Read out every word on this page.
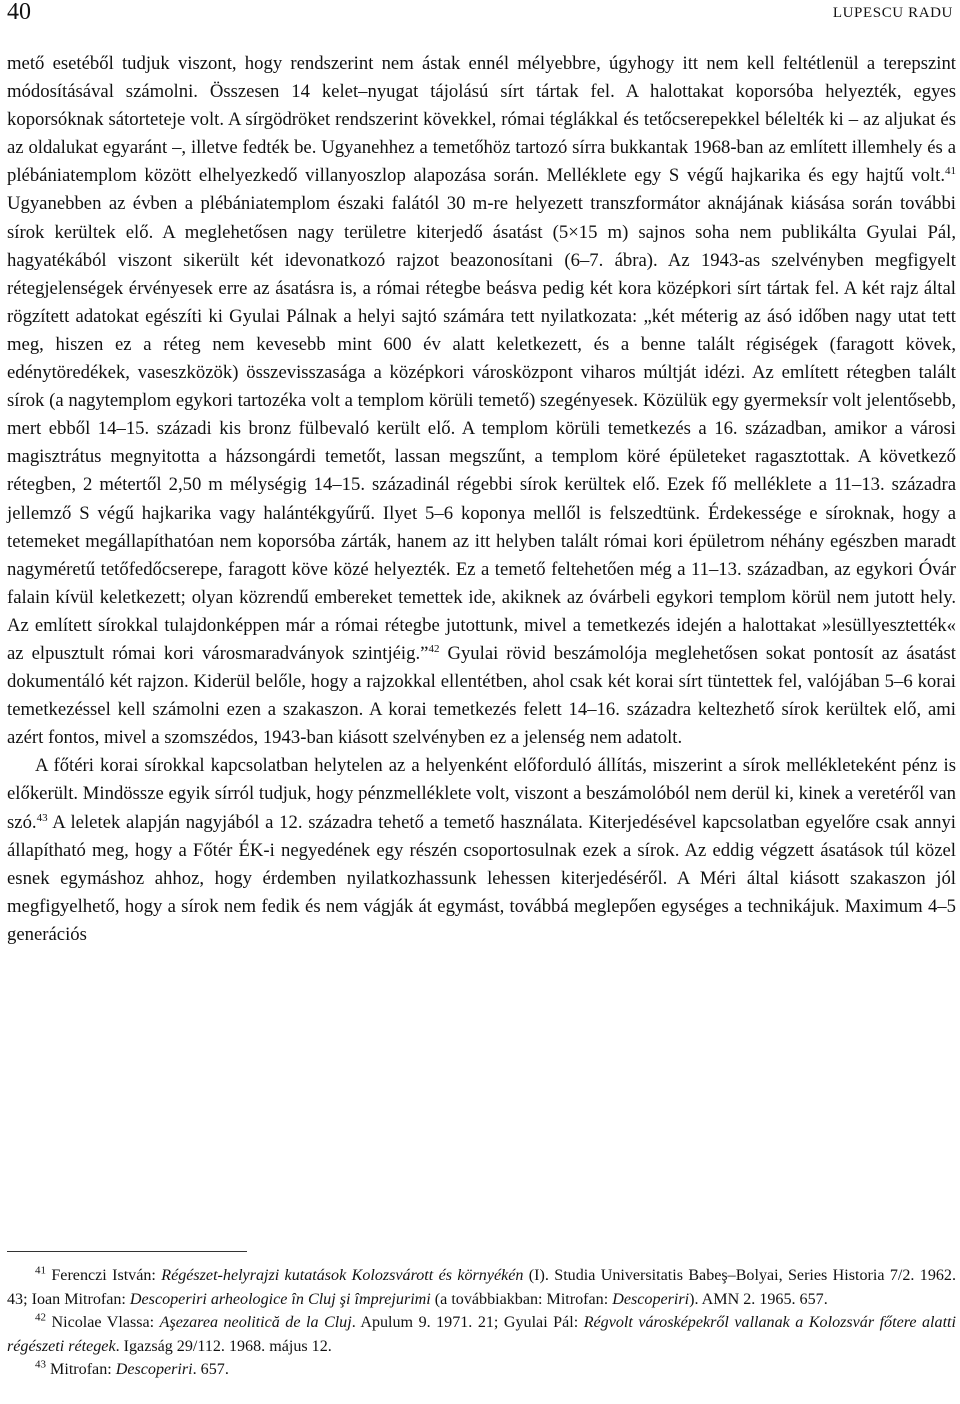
40	LUPESCU RADU

mető esetéből tudjuk viszont, hogy rendszerint nem ástak ennél mélyebbre, úgyhogy itt nem kell feltétlenül a terepszint módosításával számolni. Összesen 14 kelet–nyugat tájolású sírt tártak fel. A halottakat koporsóba helyezték, egyes koporsóknak sátorteteje volt. A sírgödröket rendszerint kövekkel, római téglákkal és tetőcserepekkel bélelték ki – az aljukat és az oldalukat egyaránt –, illetve fedték be. Ugyanehhez a temetőhöz tartozó sírra bukkantak 1968-ban az említett illemhely és a plébániatemplom között elhelyezkedő villanyoszlop alapozása során. Melléklete egy S végű hajkarika és egy hajtű volt.$^{41}$ Ugyanebben az évben a plébániatemplom északi falától 30 m-re helyezett transzformátor aknájának kiásása során további sírok kerültek elő. A meglehetősen nagy területre kiterjedő ásatást (5×15 m) sajnos soha nem publikálta Gyulai Pál, hagyatékából viszont sikerült két idevonatkozó rajzot beazonosítani (6–7. ábra). Az 1943-as szelvényben megfigyelt rétegjelenségek érvényesek erre az ásatásra is, a római rétegbe beásva pedig két kora középkori sírt tártak fel. A két rajz által rögzített adatokat egészíti ki Gyulai Pálnak a helyi sajtó számára tett nyilatkozata: „két méterig az ásó időben nagy utat tett meg, hiszen ez a réteg nem kevesebb mint 600 év alatt keletkezett, és a benne talált régiségek (faragott kövek, edénytöredékek, vaseszközök) összevisszasága a középkori városközpont viharos múltját idézi. Az említett rétegben talált sírok (a nagytemplom egykori tartozéka volt a templom körüli temető) szegényesek. Közülük egy gyermeksír volt jelentősebb, mert ebből 14–15. századi kis bronz fülbevaló került elő. A templom körüli temetkezés a 16. században, amikor a városi magisztrátus megnyitotta a házsongárdi temetőt, lassan megszűnt, a templom köré épületeket ragasztottak. A következő rétegben, 2 métertől 2,50 m mélységig 14–15. századinál régebbi sírok kerültek elő. Ezek fő melléklete a 11–13. századra jellemző S végű hajkarika vagy halántékgyűrű. Ilyet 5–6 koponya mellől is felszedtünk. Érdekessége e síroknak, hogy a tetemeket megállapíthatóan nem koporsóba zárták, hanem az itt helyben talált római kori épületrom néhány egészben maradt nagyméretű tetőfedőcserepe, faragott köve közé helyezték. Ez a temető feltehetően még a 11–13. században, az egykori Óvár falain kívül keletkezett; olyan közrendű embereket temettek ide, akiknek az óvárbeli egykori templom körül nem jutott hely. Az említett sírokkal tulajdonképpen már a római rétegbe jutottunk, mivel a temetkezés idején a halottakat »lesüllyesztették« az elpusztult római kori városmaradványok szintjéig.”$^{42}$ Gyulai rövid beszámolója meglehetősen sokat pontosít az ásatást dokumentáló két rajzon. Kiderül belőle, hogy a rajzokkal ellentétben, ahol csak két korai sírt tüntettek fel, valójában 5–6 korai temetkezéssel kell számolni ezen a szakaszon. A korai temetkezés felett 14–16. századra keltezhető sírok kerültek elő, ami azért fontos, mivel a szomszédos, 1943-ban kiásott szelvényben ez a jelenség nem adatolt.

A főtéri korai sírokkal kapcsolatban helytelen az a helyenként előforduló állítás, miszerint a sírok mellékleteként pénz is előkerült. Mindössze egyik sírról tudjuk, hogy pénzmelléklete volt, viszont a beszámolóból nem derül ki, kinek a veretéről van szó.$^{43}$ A leletek alapján nagyjából a 12. századra tehető a temető használata. Kiterjedésével kapcsolatban egyelőre csak annyi állapítható meg, hogy a Főtér ÉK-i negyedének egy részén csoportosulnak ezek a sírok. Az eddig végzett ásatások túl közel esnek egymáshoz ahhoz, hogy érdemben nyilatkozhassunk lehessen kiterjedéséről. A Méri által kiásott szakaszon jól megfigyelhető, hogy a sírok nem fedik és nem vágják át egymást, továbbá meglepően egységes a technikájuk. Maximum 4–5 generációs

$^{41}$ Ferenczi István: Régészet-helyrajzi kutatások Kolozsvárott és környékén (I). Studia Universitatis Babeş–Bolyai, Series Historia 7/2. 1962. 43; Ioan Mitrofan: Descoperiri arheologice în Cluj şi împrejurimi (a továbbiakban: Mitrofan: Descoperiri). AMN 2. 1965. 657.

$^{42}$ Nicolae Vlassa: Aşezarea neolitică de la Cluj. Apulum 9. 1971. 21; Gyulai Pál: Régvolt városképekről vallanak a Kolozsvár főtere alatti régészeti rétegek. Igazság 29/112. 1968. május 12.

$^{43}$ Mitrofan: Descoperiri. 657.
